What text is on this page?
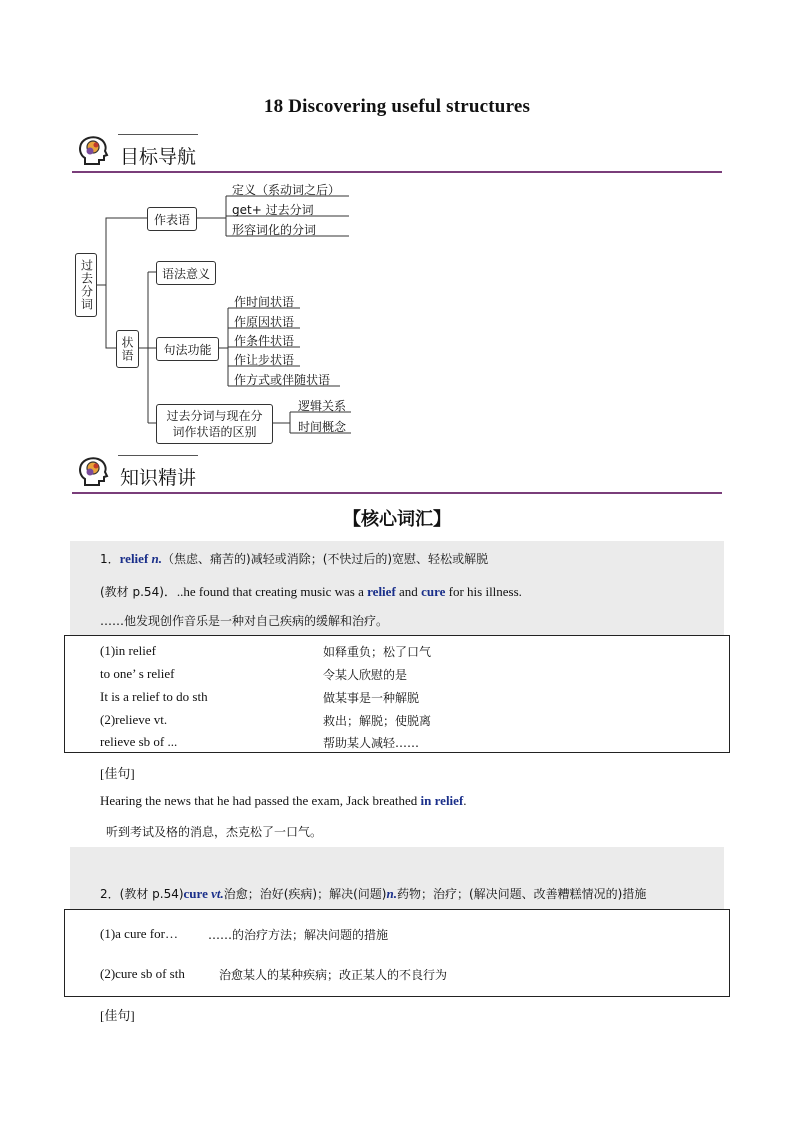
18 Discovering useful structures
目标导航
过去分词
作表语
定义（系动词之后）
get+ 过去分词
形容词化的分词
状语
语法意义
句法功能
作时间状语
作原因状语
作条件状语
作让步状语
作方式或伴随状语
过去分词与现在分
词作状语的区别
逻辑关系
时间概念
知识精讲
【核心词汇】
1．relief n.（焦虑、痛苦的)减轻或消除；(不快过后的)宽慰、轻松或解脱
(教材 p.54)．..he found that creating music was a relief and cure for his illness.
……他发现创作音乐是一种对自己疾病的缓解和治疗。
(1)in relief	如释重负；松了口气
to one’ s relief	令某人欣慰的是
It is a relief to do sth	做某事是一种解脱
(2)relieve vt.	救出；解脱；使脱离
relieve sb of ...	帮助某人减轻……
[佳句]
Hearing the news that he had passed the exam, Jack breathed in relief.
听到考试及格的消息，杰克松了一口气。
2．(教材 p.54)cure vt.治愈；治好(疾病)；解决(问题)n.药物；治疗；(解决问题、改善糟糕情况的)措施
(1)a cure for…	……的治疗方法；解决问题的措施
(2)cure sb of sth	治愈某人的某种疾病；改正某人的不良行为
[佳句]
